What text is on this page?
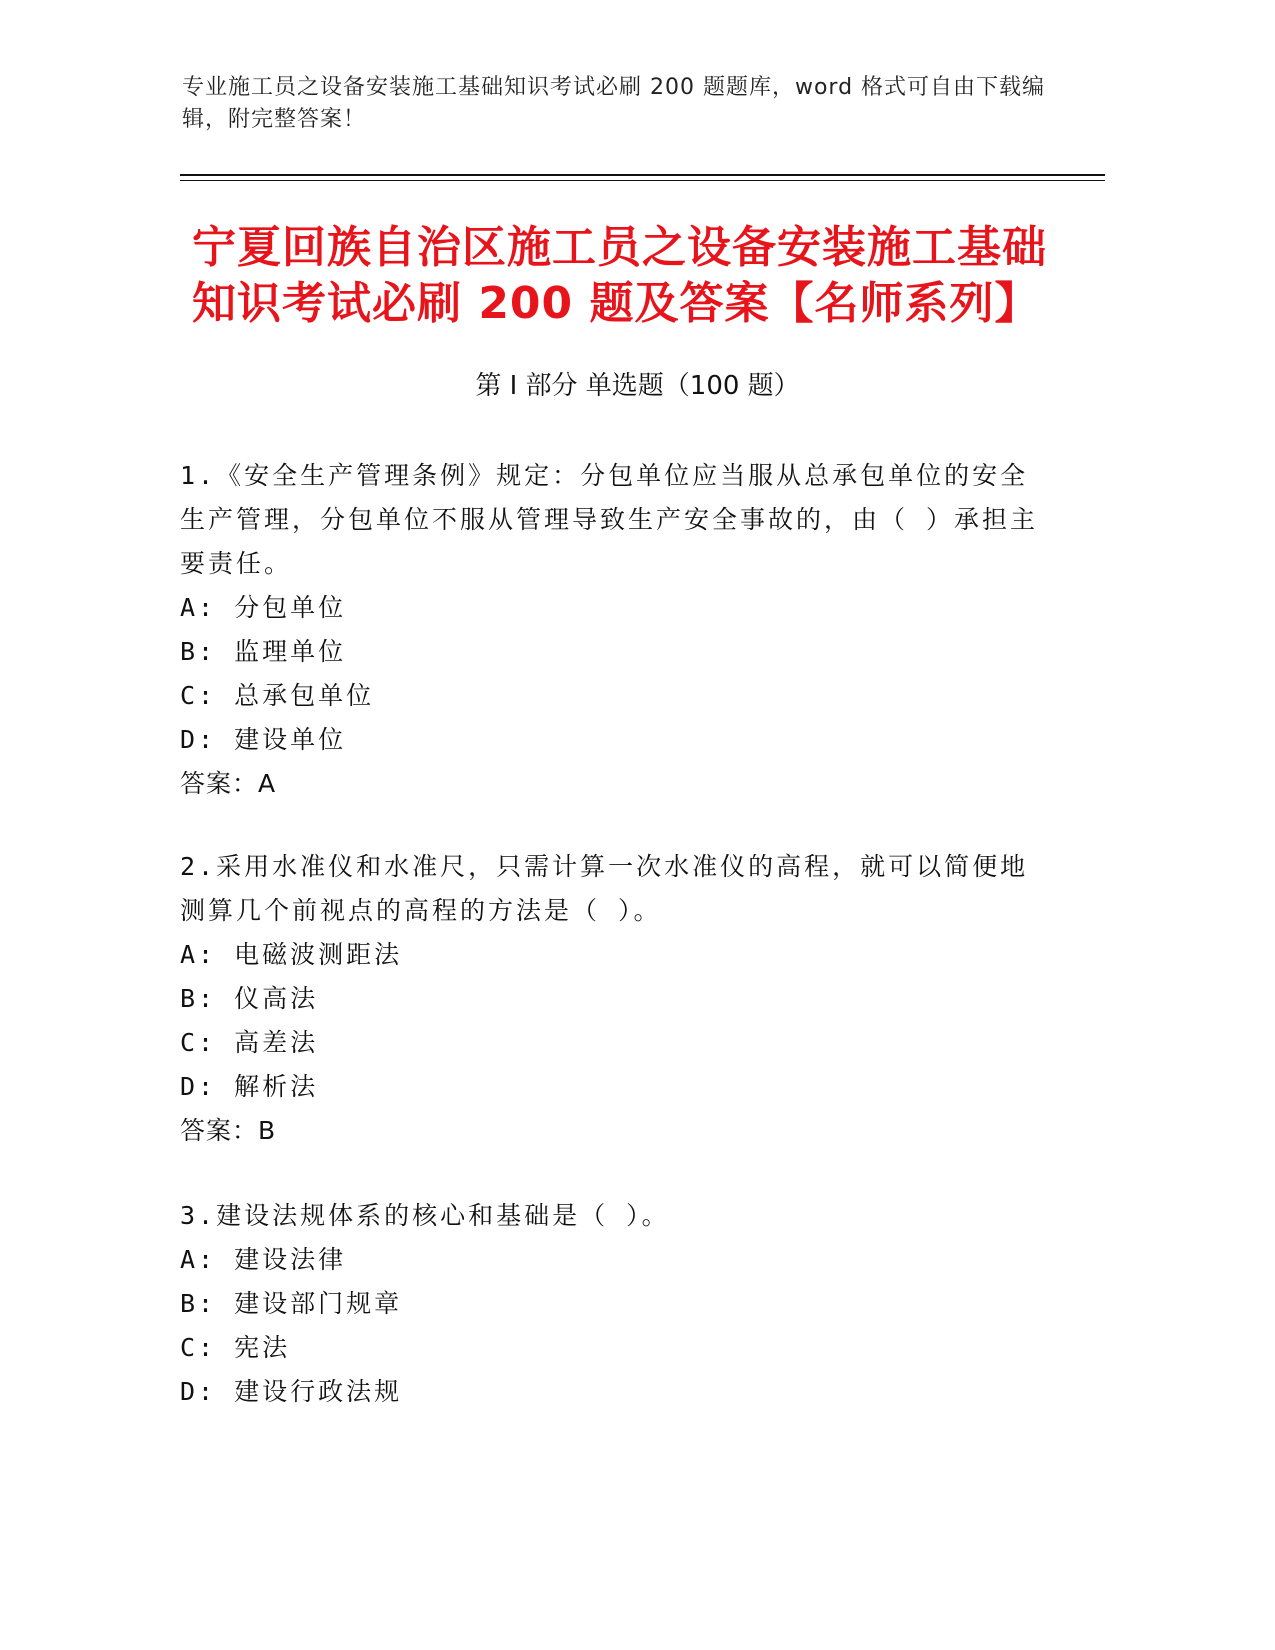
专业施工员之设备安装施工基础知识考试必刷 200 题题库，word 格式可自由下载编辑，附完整答案！
宁夏回族自治区施工员之设备安装施工基础知识考试必刷 200 题及答案【名师系列】
第 I 部分 单选题（100 题）
1.《安全生产管理条例》规定：分包单位应当服从总承包单位的安全生产管理，分包单位不服从管理导致生产安全事故的，由（ ）承担主要责任。
A: 分包单位
B: 监理单位
C: 总承包单位
D: 建设单位
答案：A
2.采用水准仪和水准尺，只需计算一次水准仪的高程，就可以简便地测算几个前视点的高程的方法是（ ）。
A: 电磁波测距法
B: 仪高法
C: 高差法
D: 解析法
答案：B
3.建设法规体系的核心和基础是（ ）。
A: 建设法律
B: 建设部门规章
C: 宪法
D: 建设行政法规
